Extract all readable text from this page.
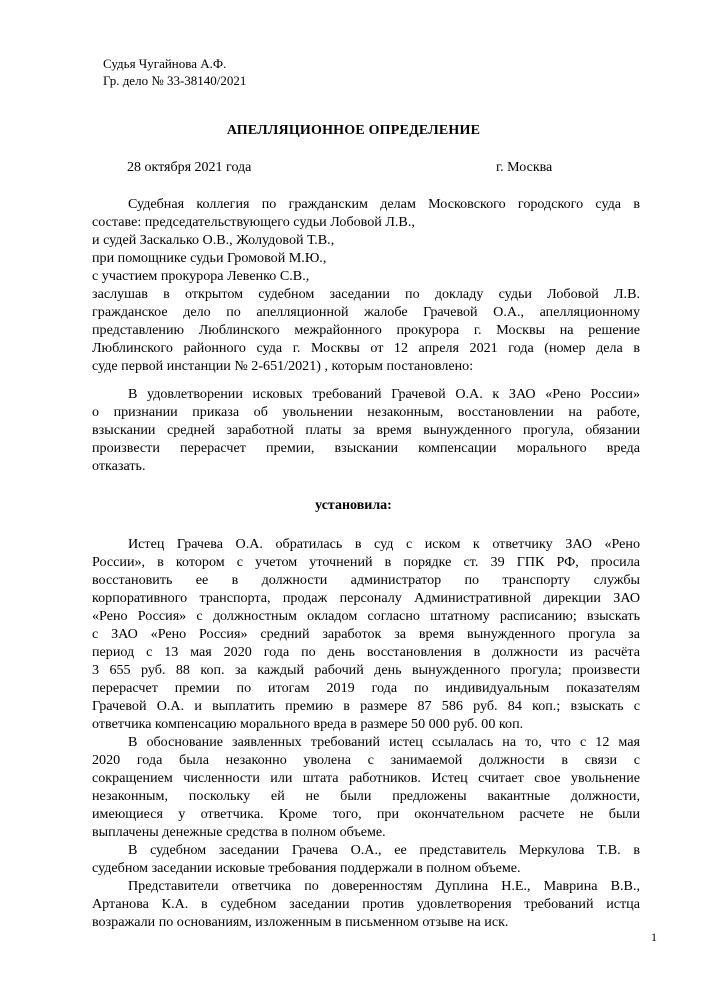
Судья Чугайнова А.Ф.
Гр. дело № 33-38140/2021
АПЕЛЛЯЦИОННОЕ ОПРЕДЕЛЕНИЕ
28 октября 2021 года	г. Москва
Судебная коллегия по гражданским делам Московского городского суда в
составе: председательствующего судьи Лобовой Л.В.,
и судей Заскалько О.В., Жолудовой Т.В.,
при помощнике судьи Громовой М.Ю.,
с участием прокурора Левенко С.В.,
заслушав в открытом судебном заседании по докладу судьи Лобовой Л.В.
гражданское дело по апелляционной жалобе Грачевой О.А., апелляционному
представлению Люблинского межрайонного прокурора г. Москвы на решение
Люблинского районного суда г. Москвы от 12 апреля 2021 года (номер дела в
суде первой инстанции № 2-651/2021) , которым постановлено:
В удовлетворении исковых требований Грачевой О.А. к ЗАО «Рено России»
о признании приказа об увольнении незаконным, восстановлении на работе,
взыскании средней заработной платы за время вынужденного прогула, обязании
произвести перерасчет премии, взыскании компенсации морального вреда
отказать.
установила:
Истец Грачева О.А. обратилась в суд с иском к ответчику ЗАО «Рено
России», в котором с учетом уточнений в порядке ст. 39 ГПК РФ, просила
восстановить ее в должности администратор по транспорту службы
корпоративного транспорта, продаж персоналу Административной дирекции ЗАО
«Рено Россия» с должностным окладом согласно штатному расписанию; взыскать
с ЗАО «Рено Россия» средний заработок за время вынужденного прогула за
период с 13 мая 2020 года по день восстановления в должности из расчёта
3 655 руб. 88 коп. за каждый рабочий день вынужденного прогула; произвести
перерасчет премии по итогам 2019 года по индивидуальным показателям
Грачевой О.А. и выплатить премию в размере 87 586 руб. 84 коп.; взыскать с
ответчика компенсацию морального вреда в размере 50 000 руб. 00 коп.
В обоснование заявленных требований истец ссылалась на то, что с 12 мая
2020 года была незаконно уволена с занимаемой должности в связи с
сокращением численности или штата работников. Истец считает свое увольнение
незаконным, поскольку ей не были предложены вакантные должности,
имеющиеся у ответчика. Кроме того, при окончательном расчете не были
выплачены денежные средства в полном объеме.
В судебном заседании Грачева О.А., ее представитель Меркулова Т.В. в
судебном заседании исковые требования поддержали в полном объеме.
Представители ответчика по доверенностям Дуплина Н.Е., Маврина В.В.,
Артанова К.А. в судебном заседании против удовлетворения требований истца
возражали по основаниям, изложенным в письменном отзыве на иск.
1
